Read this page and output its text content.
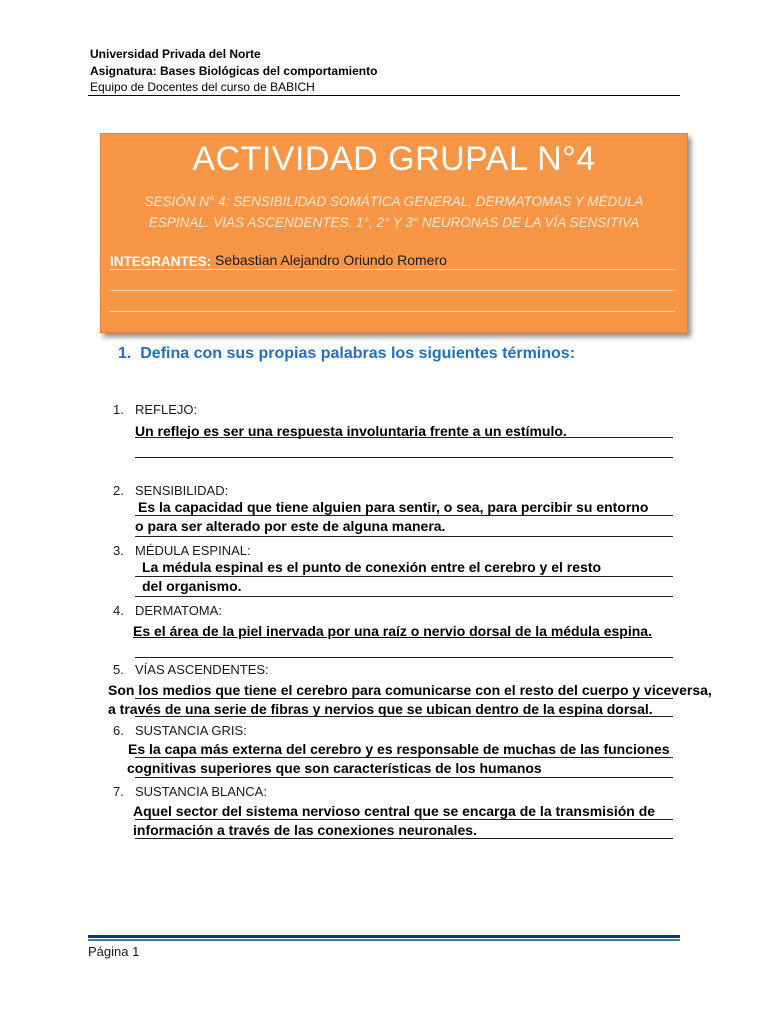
Universidad Privada del Norte
Asignatura: Bases Biológicas del comportamiento
Equipo de Docentes del curso de BABICH
ACTIVIDAD GRUPAL N°4
SESIÓN N° 4: SENSIBILIDAD SOMÁTICA GENERAL, DERMATOMAS Y MÉDULA
ESPINAL. VIAS ASCENDENTES. 1°, 2° Y 3° NEURONAS DE LA VÍA SENSITIVA
INTEGRANTES: Sebastian Alejandro Oriundo Romero
1. Defina con sus propias palabras los siguientes términos:
1. REFLEJO:
Un reflejo es ser una respuesta involuntaria frente a un estímulo.
2. SENSIBILIDAD:
Es la capacidad que tiene alguien para sentir, o sea, para percibir su entorno
o para ser alterado por este de alguna manera.
3. MÉDULA ESPINAL:
La médula espinal es el punto de conexión entre el cerebro y el resto
del organismo.
4. DERMATOMA:
Es el área de la piel inervada por una raíz o nervio dorsal de la médula espina.
5. VÍAS ASCENDENTES:
Son los medios que tiene el cerebro para comunicarse con el resto del cuerpo y viceversa,
a través de una serie de fibras y nervios que se ubican dentro de la espina dorsal.
6. SUSTANCIA GRIS:
Es la capa más externa del cerebro y es responsable de muchas de las funciones
cognitivas superiores que son características de los humanos
7. SUSTANCIA BLANCA:
Aquel sector del sistema nervioso central que se encarga de la transmisión de
información a través de las conexiones neuronales.
Página 1
